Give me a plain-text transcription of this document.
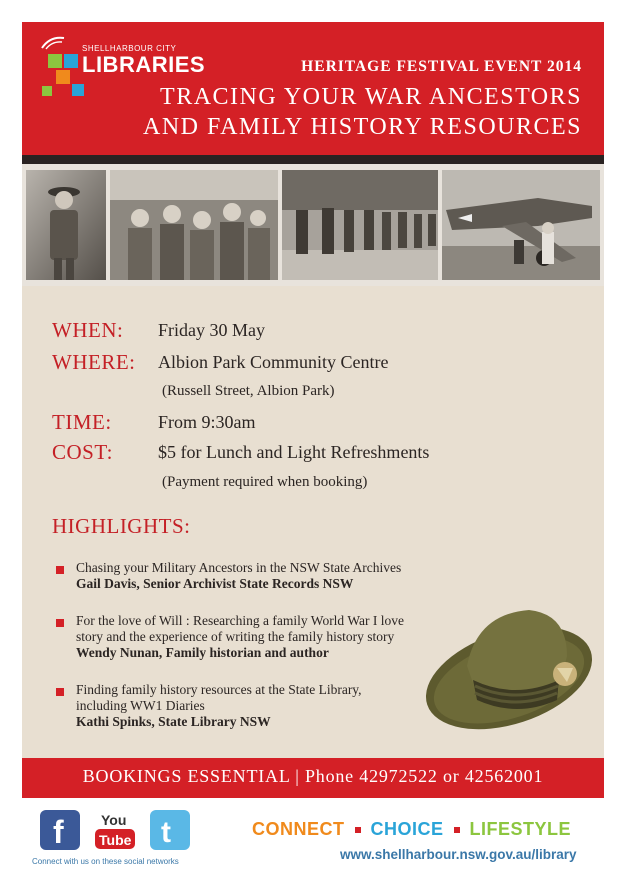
SHELLHARBOUR CITY
LIBRARIES	HERITAGE FESTIVAL EVENT 2014
TRACING YOUR WAR ANCESTORS
AND FAMILY HISTORY RESOURCES
WHEN: Friday 30 May
WHERE: Albion Park Community Centre
(Russell Street, Albion Park)
TIME:	From 9:30am
COST:	$5 for Lunch and Light Refreshments
(Payment required when booking)
HIGHLIGHTS:
Chasing your Military Ancestors in the NSW State Archives
Gail Davis, Senior Archivist State Records NSW
For the love of Will : Researching a family World War I love
story and the experience of writing the family history story
Wendy Nunan, Family historian and author
Finding family history resources at the State Library,
including WW1 Diaries
Kathi Spinks, State Library NSW
BOOKINGS ESSENTIAL | Phone 42972522 or 42562001
f	You
Tube t
Connect with us on these social networks
CONNECT CHOICE LIFESTYLE
www.shellharbour.nsw.gov.au/library
